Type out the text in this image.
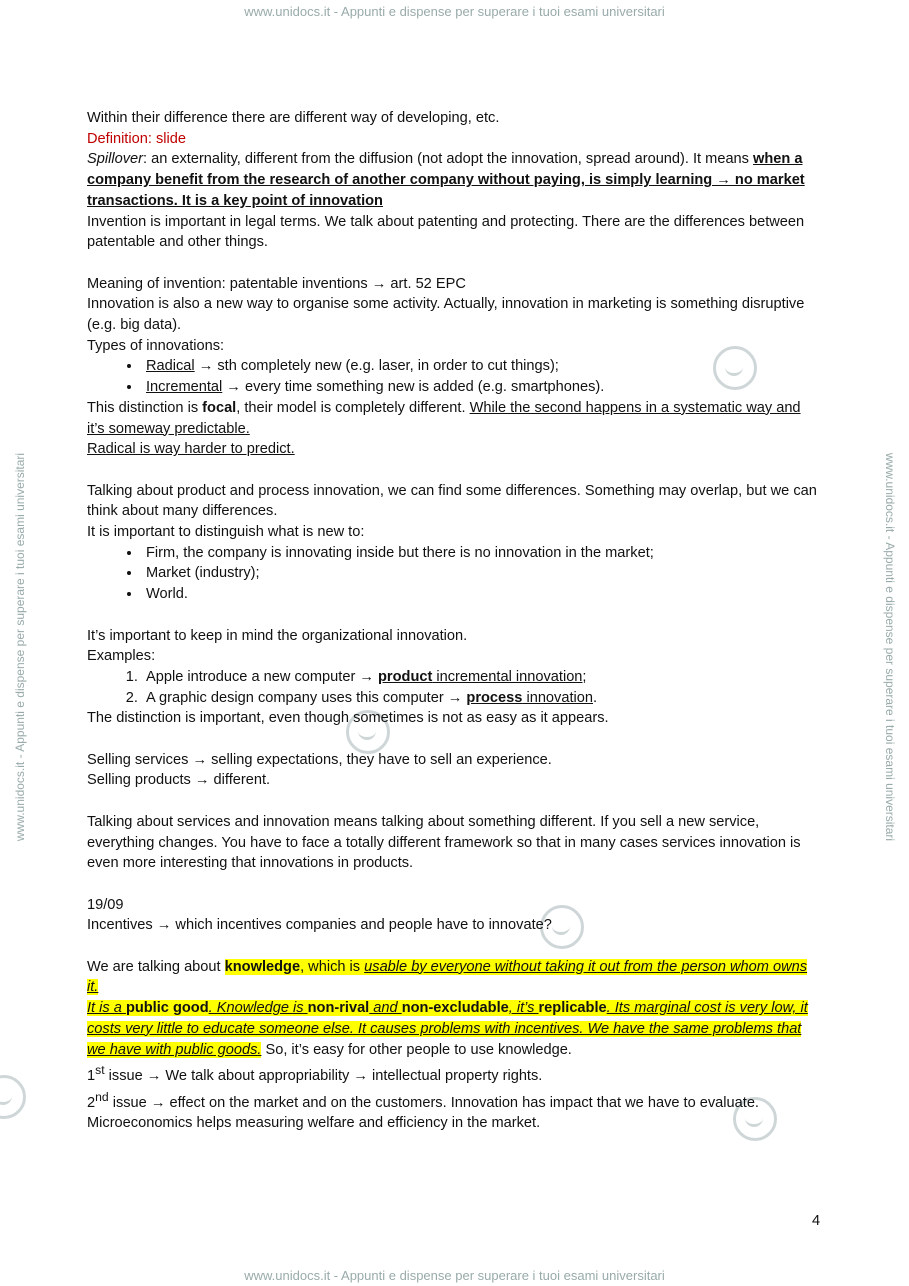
www.unidocs.it - Appunti e dispense per superare i tuoi esami universitari
www.unidocs.it - Appunti e dispense per superare i tuoi esami universitari
www.unidocs.it - Appunti e dispense per superare i tuoi esami universitari	www.unidocs.it - Appunti e dispense per superare i tuoi esami universitari

Within their difference there are different way of developing, etc.

Definition: slide

Spillover: an externality, different from the diffusion (not adopt the innovation, spread around). It means when a company benefit from the research of another company without paying, is simply learning → no market transactions. It is a key point of innovation

Invention is important in legal terms. We talk about patenting and protecting. There are the differences between patentable and other things.

Meaning of invention: patentable inventions → art. 52 EPC

Innovation is also a new way to organise some activity. Actually, innovation in marketing is something disruptive (e.g. big data).

Types of innovations:

• Radical → sth completely new (e.g. laser, in order to cut things);
• Incremental → every time something new is added (e.g. smartphones).

This distinction is focal, their model is completely different. While the second happens in a systematic way and it’s someway predictable.

Radical is way harder to predict.

Talking about product and process innovation, we can find some differences. Something may overlap, but we can think about many differences.

It is important to distinguish what is new to:

• Firm, the company is innovating inside but there is no innovation in the market;
• Market (industry);
• World.

It’s important to keep in mind the organizational innovation.

Examples:

1. Apple introduce a new computer → product incremental innovation;
2. A graphic design company uses this computer → process innovation.

The distinction is important, even though sometimes is not as easy as it appears.

Selling services → selling expectations, they have to sell an experience.

Selling products → different.

Talking about services and innovation means talking about something different. If you sell a new service, everything changes. You have to face a totally different framework so that in many cases services innovation is even more interesting that innovations in products.

19/09

Incentives → which incentives companies and people have to innovate?

We are talking about knowledge, which is usable by everyone without taking it out from the person whom owns it.

It is a public good. Knowledge is non-rival and non-excludable, it’s replicable. Its marginal cost is very low, it costs very little to educate someone else. It causes problems with incentives. We have the same problems that we have with public goods. So, it’s easy for other people to use knowledge.

1st issue → We talk about appropriability → intellectual property rights.

2nd issue → effect on the market and on the customers. Innovation has impact that we have to evaluate.

Microeconomics helps measuring welfare and efficiency in the market.

4
